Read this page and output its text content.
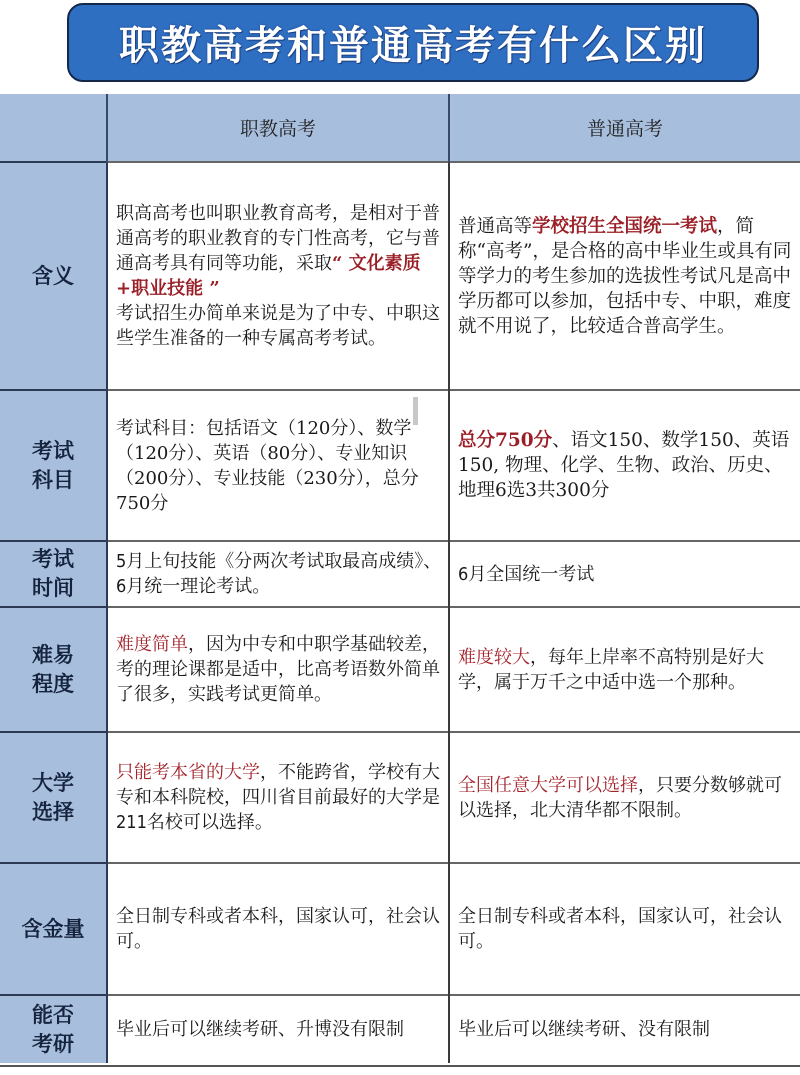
职教高考和普通高考有什么区别
	职教高考	普通高考
含义	职高高考也叫职业教育高考，是相对于普通高考的职业教育的专门性高考，它与普通高考具有同等功能，采取“ 文化素质+职业技能 ”
考试招生办简单来说是为了中专、中职这些学生准备的一种专属高考考试。	普通高等学校招生全国统一考试，简称“高考”，是合格的高中毕业生或具有同等学力的考生参加的选拔性考试凡是高中学历都可以参加，包括中专、中职，难度就不用说了，比较适合普高学生。
考试
科目	考试科目：包括语文（120分）、数学（120分）、英语（80分）、专业知识（200分）、专业技能（230分），总分750分	总分750分、语文150、数学150、英语150, 物理、化学、生物、政治、历史、地理6选3共300分
考试
时间	5月上旬技能《分两次考试取最高成绩》、6月统一理论考试。	6月全国统一考试
难易
程度	难度简单，因为中专和中职学基础较差，考的理论课都是适中，比高考语数外简单了很多，实践考试更简单。	难度较大，每年上岸率不高特别是好大学，属于万千之中适中选一个那种。
大学
选择	只能考本省的大学，不能跨省，学校有大专和本科院校，四川省目前最好的大学是211名校可以选择。	全国任意大学可以选择，只要分数够就可以选择，北大清华都不限制。
含金量	全日制专科或者本科，国家认可，社会认可。	全日制专科或者本科，国家认可，社会认可。
能否
考研	毕业后可以继续考研、升博没有限制	毕业后可以继续考研、没有限制
